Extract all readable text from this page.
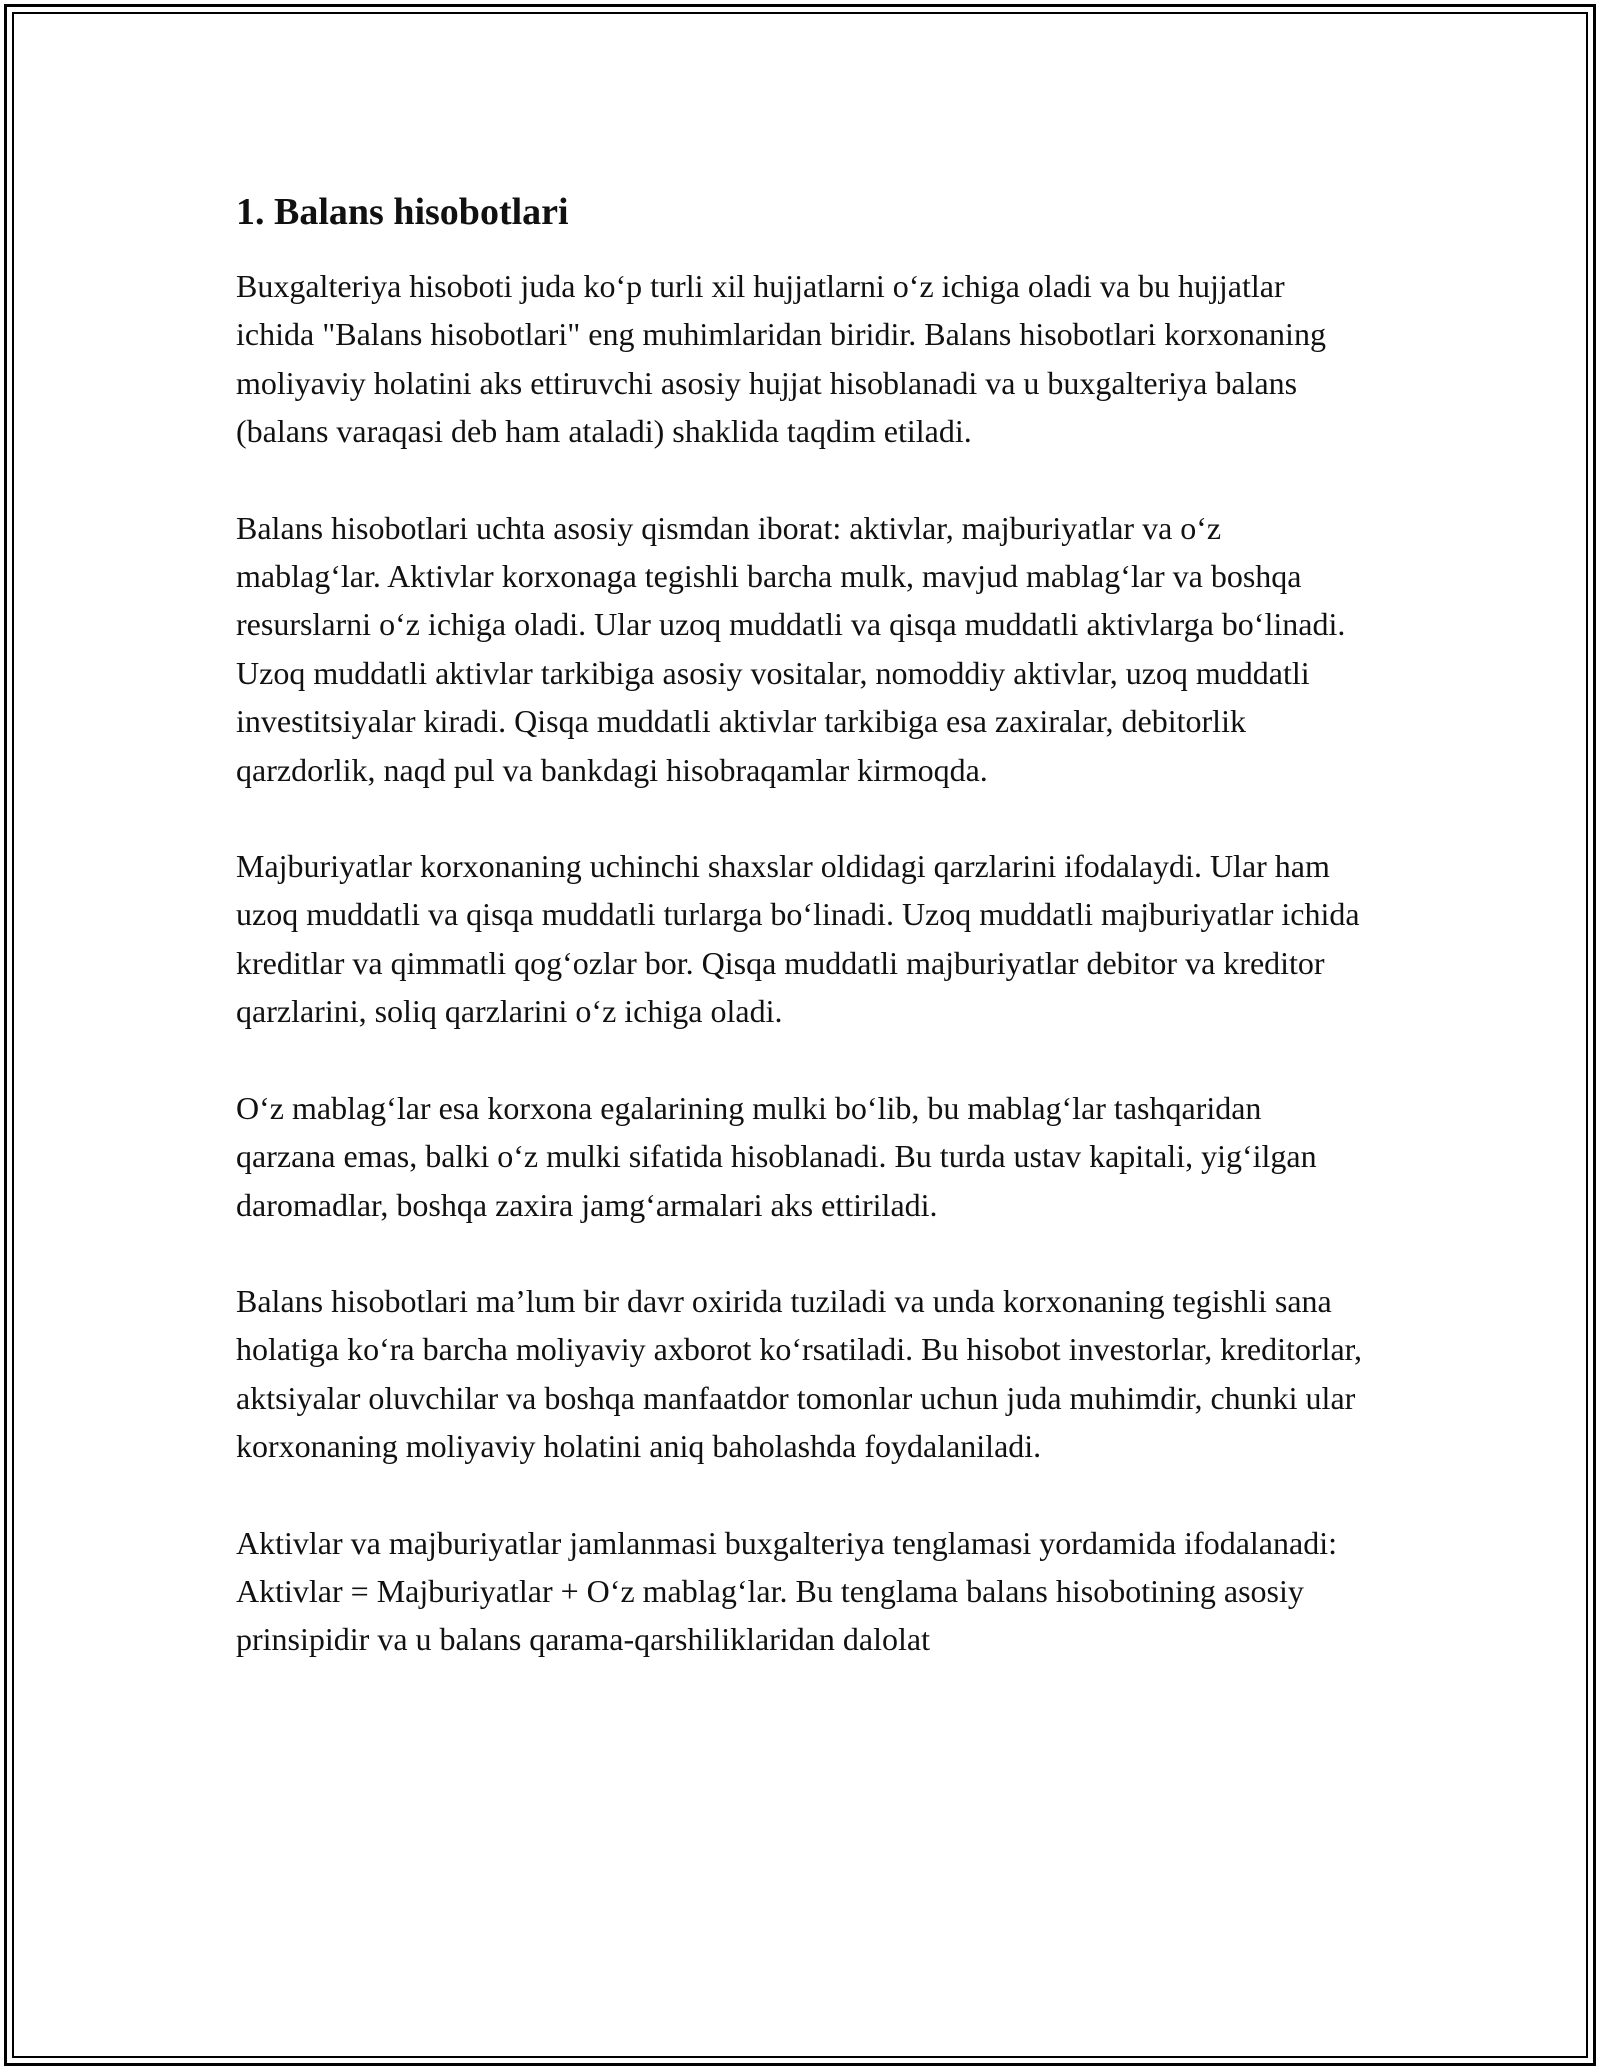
1. Balans hisobotlari

Buxgalteriya hisoboti juda ko‘p turli xil hujjatlarni o‘z ichiga oladi va bu hujjatlar ichida "Balans hisobotlari" eng muhimlaridan biridir. Balans hisobotlari korxonaning moliyaviy holatini aks ettiruvchi asosiy hujjat hisoblanadi va u buxgalteriya balans (balans varaqasi deb ham ataladi) shaklida taqdim etiladi.

Balans hisobotlari uchta asosiy qismdan iborat: aktivlar, majburiyatlar va o‘z mablag‘lar. Aktivlar korxonaga tegishli barcha mulk, mavjud mablag‘lar va boshqa resurslarni o‘z ichiga oladi. Ular uzoq muddatli va qisqa muddatli aktivlarga bo‘linadi. Uzoq muddatli aktivlar tarkibiga asosiy vositalar, nomoddiy aktivlar, uzoq muddatli investitsiyalar kiradi. Qisqa muddatli aktivlar tarkibiga esa zaxiralar, debitorlik qarzdorlik, naqd pul va bankdagi hisobraqamlar kirmoqda.

Majburiyatlar korxonaning uchinchi shaxslar oldidagi qarzlarini ifodalaydi. Ular ham uzoq muddatli va qisqa muddatli turlarga bo‘linadi. Uzoq muddatli majburiyatlar ichida kreditlar va qimmatli qog‘ozlar bor. Qisqa muddatli majburiyatlar debitor va kreditor qarzlarini, soliq qarzlarini o‘z ichiga oladi.

O‘z mablag‘lar esa korxona egalarining mulki bo‘lib, bu mablag‘lar tashqaridan qarzana emas, balki o‘z mulki sifatida hisoblanadi. Bu turda ustav kapitali, yig‘ilgan daromadlar, boshqa zaxira jamg‘armalari aks ettiriladi.

Balans hisobotlari ma’lum bir davr oxirida tuziladi va unda korxonaning tegishli sana holatiga ko‘ra barcha moliyaviy axborot ko‘rsatiladi. Bu hisobot investorlar, kreditorlar, aktsiyalar oluvchilar va boshqa manfaatdor tomonlar uchun juda muhimdir, chunki ular korxonaning moliyaviy holatini aniq baholashda foydalaniladi.

Aktivlar va majburiyatlar jamlanmasi buxgalteriya tenglamasi yordamida ifodalanadi: Aktivlar = Majburiyatlar + O‘z mablag‘lar. Bu tenglama balans hisobotining asosiy prinsipidir va u balans qarama-qarshiliklaridan dalolat
